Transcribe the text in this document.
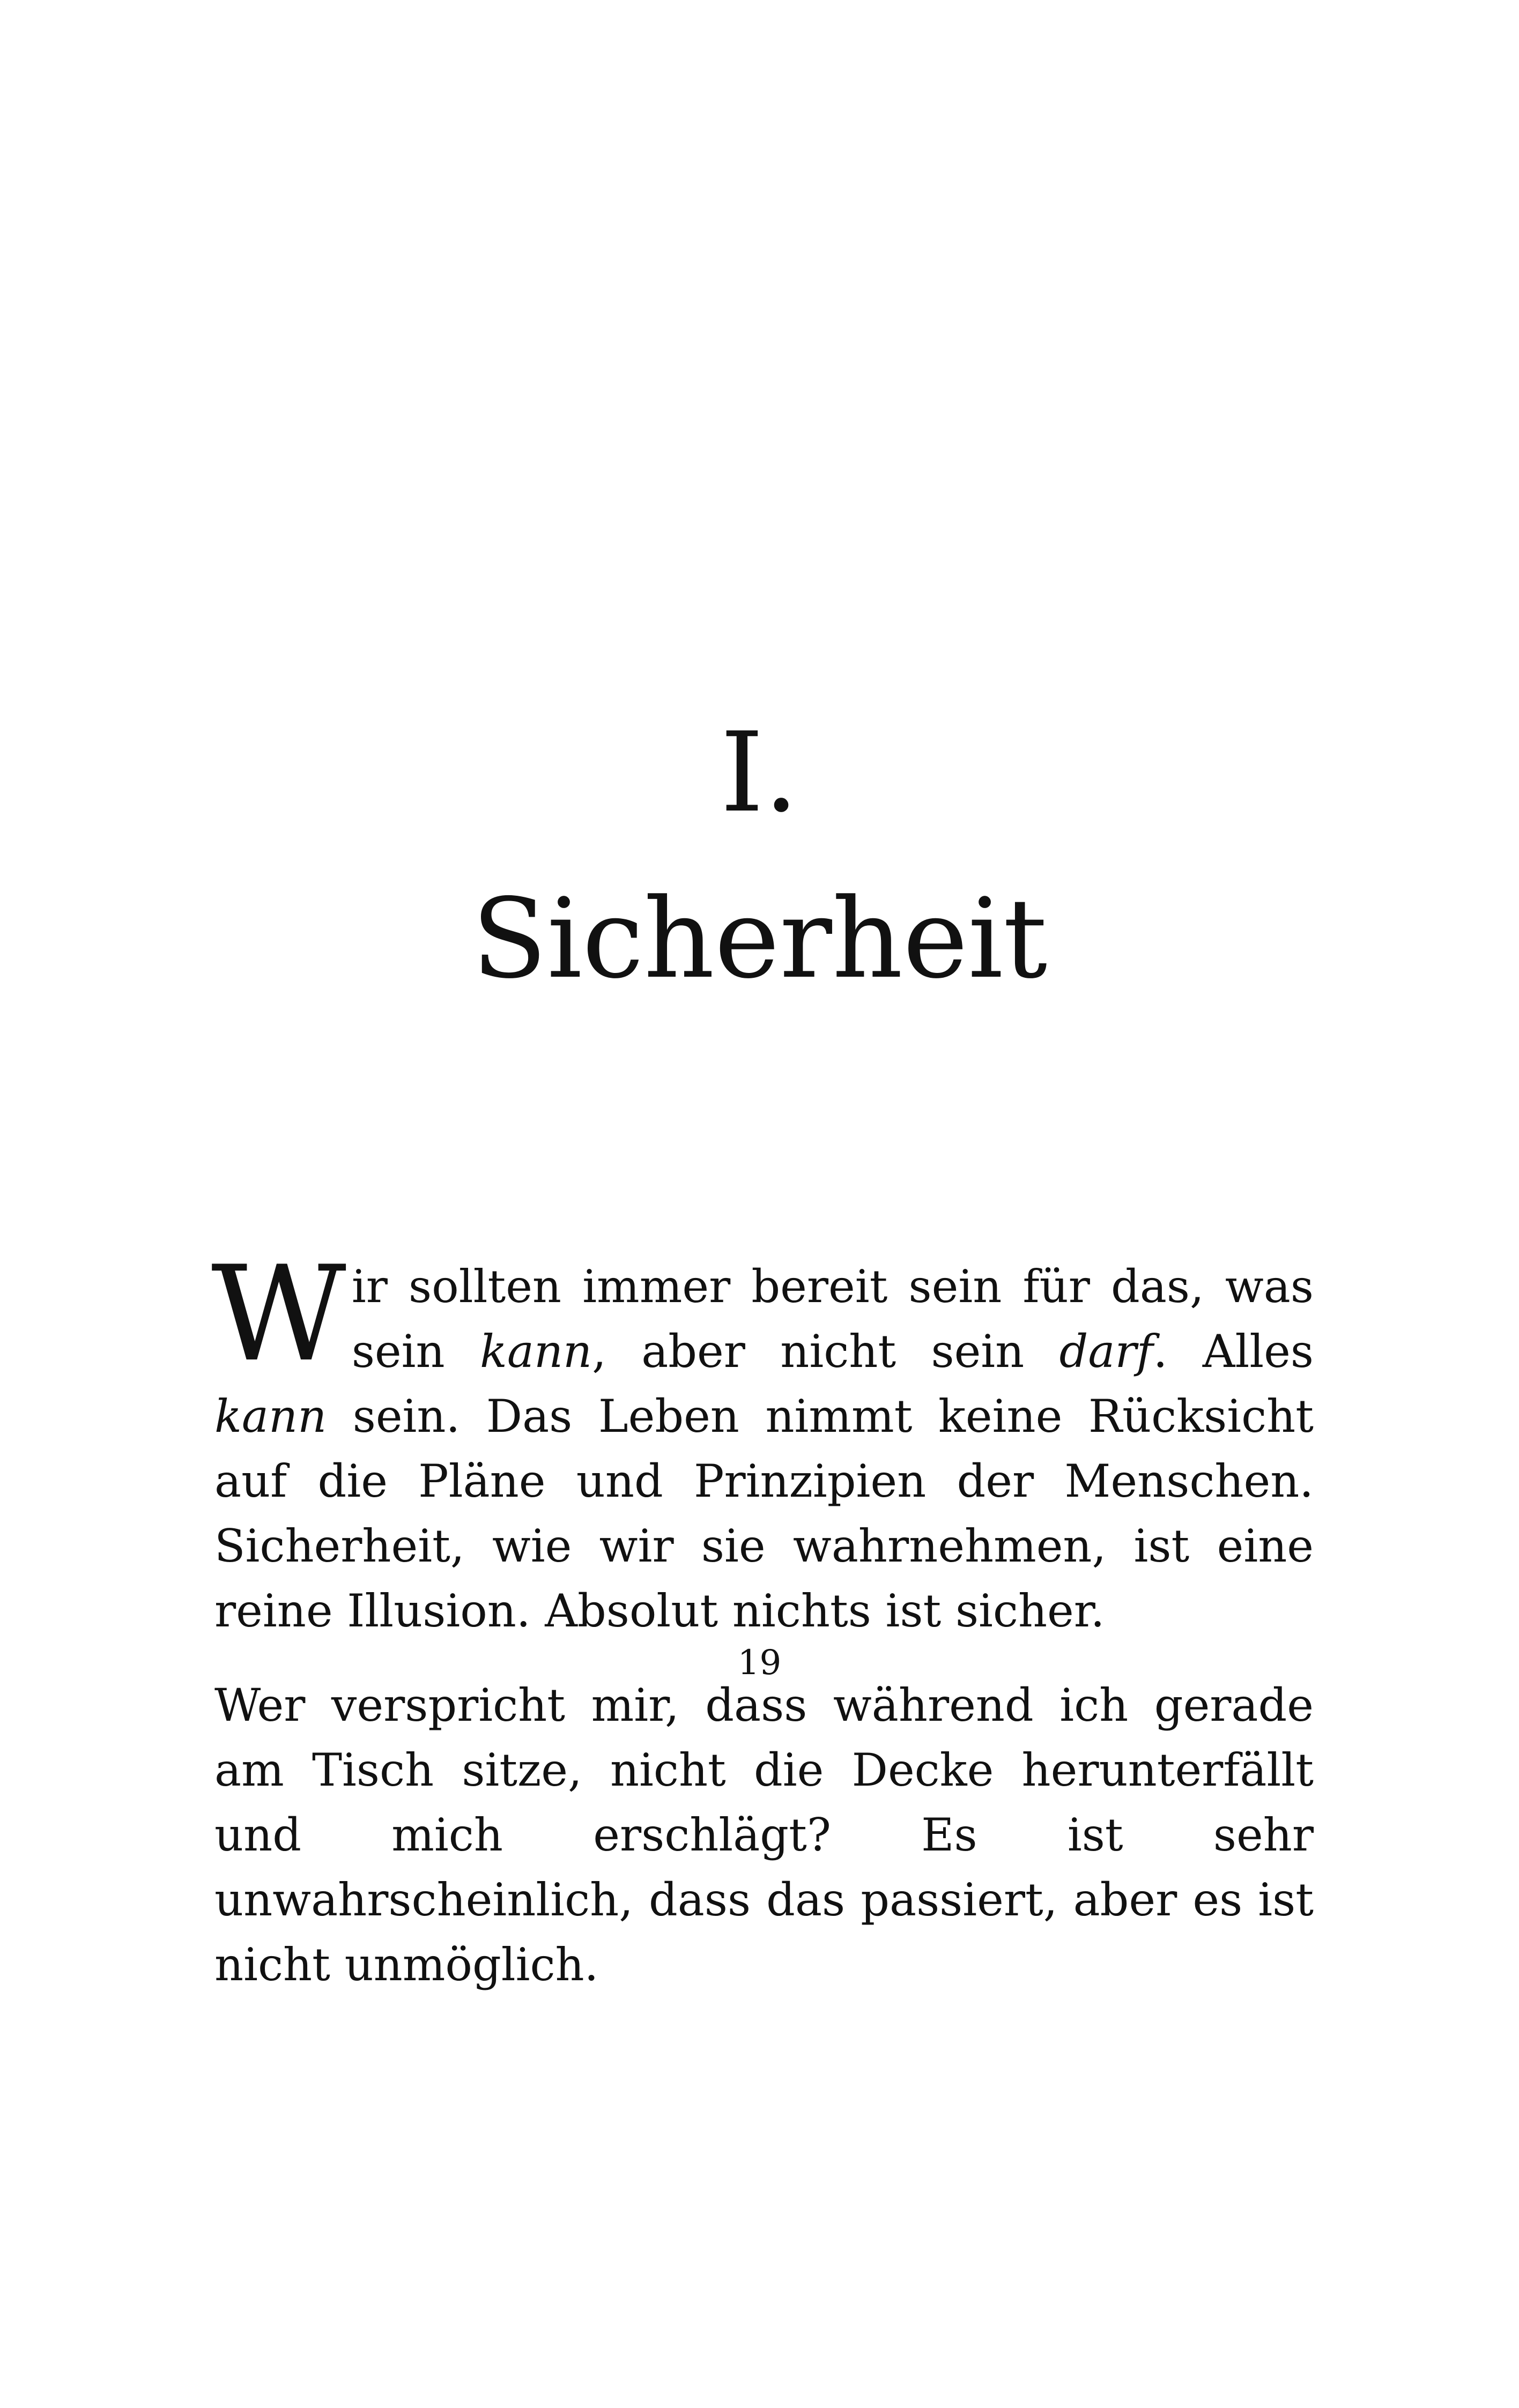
I.
Sicherheit

Wir sollten immer bereit sein für das, was sein kann, aber nicht sein darf. Alles kann sein. Das Leben nimmt keine Rücksicht auf die Pläne und Prinzipien der Menschen. Sicherheit, wie wir sie wahrnehmen, ist eine reine Illusion. Absolut nichts ist sicher.

Wer verspricht mir, dass während ich gerade am Tisch sitze, nicht die Decke herunterfällt und mich erschlägt? Es ist sehr unwahrscheinlich, dass das passiert, aber es ist nicht unmöglich.

19
